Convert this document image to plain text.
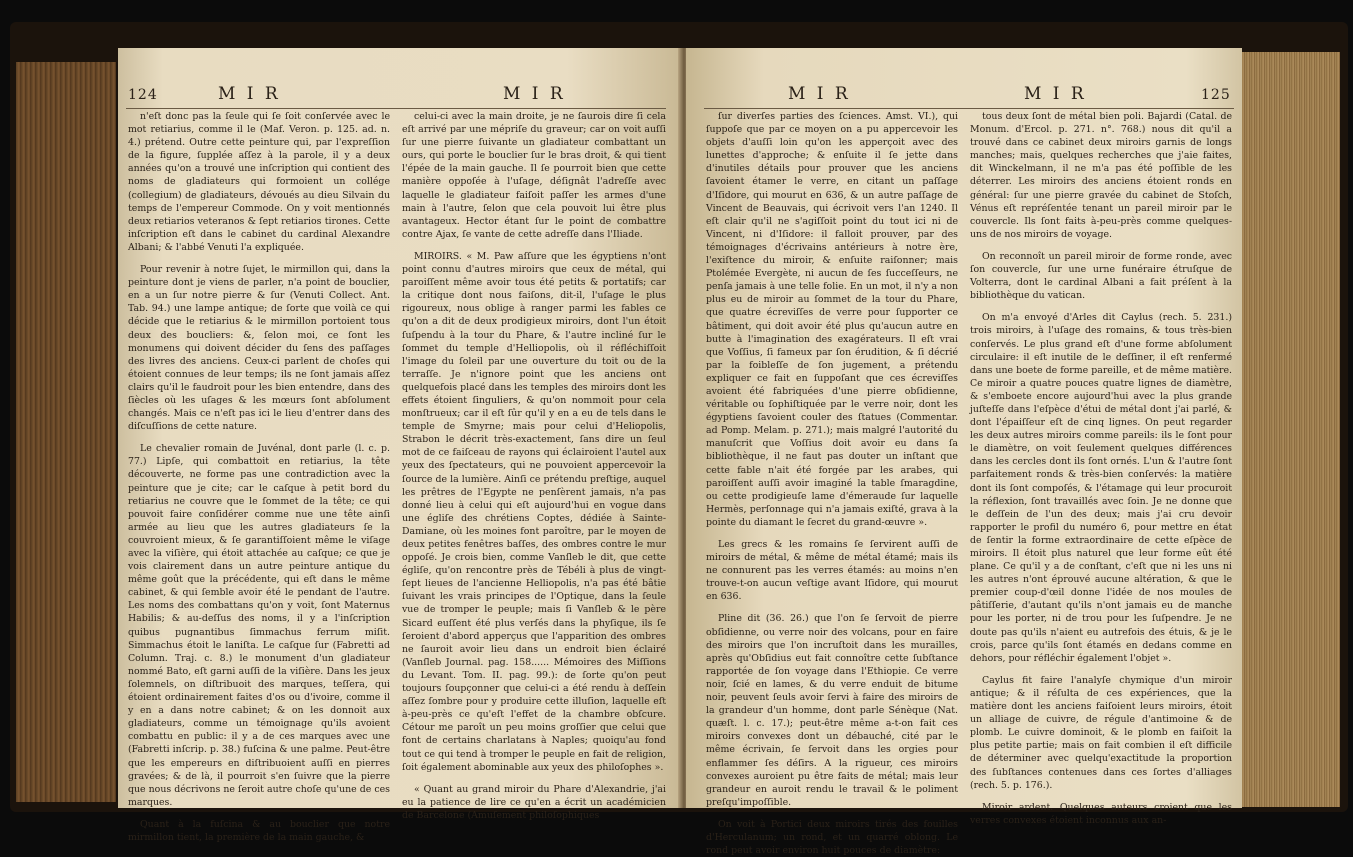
124	M I R	M I R

n'eſt donc pas la ſeule qui ſe ſoit conſervée avec le mot retiarius, comme il le (Maf. Veron. p. 125. ad. n. 4.) prétend. Outre cette peinture qui, par l'expreſſion de la figure, ſupplée aſſez à la parole, il y a deux années qu'on a trouvé une inſcription qui contient des noms de gladiateurs qui formoient un collége (collegium) de gladiateurs, dévoués au dieu Silvain du temps de l'empereur Commode. On y voit mentionnés deux retiarios veteranos & ſept retiarios tirones. Cette inſcription eſt dans le cabinet du cardinal Alexandre Albani; & l'abbé Venuti l'a expliquée.

Pour revenir à notre ſujet, le mirmillon qui, dans la peinture dont je viens de parler, n'a point de bouclier, en a un ſur notre pierre & ſur (Venuti Collect. Ant. Tab. 94.) une lampe antique; de ſorte que voilà ce qui décide que le retiarius & le mirmillon portoient tous deux des boucliers: &, ſelon moi, ce ſont les monumens qui doivent décider du ſens des paſſages des livres des anciens. Ceux-ci parlent de choſes qui étoient connues de leur temps; ils ne ſont jamais aſſez clairs qu'il le faudroit pour les bien entendre, dans des ſiècles où les uſages & les mœurs ſont abſolument changés. Mais ce n'eſt pas ici le lieu d'entrer dans des diſcuſſions de cette nature.

Le chevalier romain de Juvénal, dont parle (l. c. p. 77.) Lipſe, qui combattoit en retiarius, la tête découverte, ne forme pas une contradiction avec la peinture que je cite; car le caſque à petit bord du retiarius ne couvre que le ſommet de la tête; ce qui pouvoit faire conſidérer comme nue une tête ainſi armée au lieu que les autres gladiateurs ſe la couvroient mieux, & ſe garantiſſoient même le viſage avec la viſière, qui étoit attachée au caſque; ce que je vois clairement dans un autre peinture antique du même goût que la précédente, qui eſt dans le même cabinet, & qui ſemble avoir été le pendant de l'autre. Les noms des combattans qu'on y voit, ſont Maternus Habilis; & au-deſſus des noms, il y a l'inſcription quibus pugnantibus ſimmachus ferrum miſit. Simmachus étoit le laniſta. Le caſque ſur (Fabretti ad Column. Traj. c. 8.) le monument d'un gladiateur nommé Bato, eſt garni auſſi de la viſière. Dans les jeux ſolemnels, on diſtribuoit des marques, teſſera, qui étoient ordinairement faites d'os ou d'ivoire, comme il y en a dans notre cabinet; & on les donnoit aux gladiateurs, comme un témoignage qu'ils avoient combattu en public: il y a de ces marques avec une (Fabretti inſcrip. p. 38.) fuſcina & une palme. Peut-être que les empereurs en diſtribuoient auſſi en pierres gravées; & de là, il pourroit s'en ſuivre que la pierre que nous décrivons ne ſeroit autre choſe qu'une de ces marques.

Quant à la fuſcina & au bouclier que notre mirmillon tient, la première de la main gauche, &

celui-ci avec la main droite, je ne ſaurois dire ſi cela eſt arrivé par une mépriſe du graveur; car on voit auſſi ſur une pierre ſuivante un gladiateur combattant un ours, qui porte le bouclier ſur le bras droit, & qui tient l'épée de la main gauche. Il ſe pourroit bien que cette manière oppoſée à l'uſage, déſignât l'adreſſe avec laquelle le gladiateur faiſoit paſſer les armes d'une main à l'autre, ſelon que cela pouvoit lui être plus avantageux. Hector étant ſur le point de combattre contre Ajax, ſe vante de cette adreſſe dans l'Iliade.

MIROIRS. « M. Paw aſſure que les égyptiens n'ont point connu d'autres miroirs que ceux de métal, qui paroiſſent même avoir tous été petits & portatifs; car la critique dont nous faiſons, dit-il, l'uſage le plus rigoureux, nous oblige à ranger parmi les fables ce qu'on a dit de deux prodigieux miroirs, dont l'un étoit ſuſpendu à la tour du Phare, & l'autre incliné ſur le ſommet du temple d'Helliopolis, où il réfléchiſſoit l'image du ſoleil par une ouverture du toit ou de la terraſſe. Je n'ignore point que les anciens ont quelquefois placé dans les temples des miroirs dont les effets étoient ſinguliers, & qu'on nommoit pour cela monſtrueux; car il eſt ſûr qu'il y en a eu de tels dans le temple de Smyrne; mais pour celui d'Heliopolis, Strabon le décrit très-exactement, ſans dire un ſeul mot de ce faiſceau de rayons qui éclairoient l'autel aux yeux des ſpectateurs, qui ne pouvoient appercevoir la ſource de la lumière. Ainſi ce prétendu preſtige, auquel les prêtres de l'Egypte ne penſèrent jamais, n'a pas donné lieu à celui qui eſt aujourd'hui en vogue dans une égliſe des chrétiens Coptes, dédiée à Sainte-Damiane, où les moines font paroître, par le moyen de deux petites fenêtres baſſes, des ombres contre le mur oppoſé. Je crois bien, comme Vanſleb le dit, que cette égliſe, qu'on rencontre près de Tébéli à plus de vingt-ſept lieues de l'ancienne Helliopolis, n'a pas été bâtie ſuivant les vrais principes de l'Optique, dans la ſeule vue de tromper le peuple; mais ſi Vanſleb & le père Sicard euſſent été plus verſés dans la phyſique, ils ſe ſeroient d'abord apperçus que l'apparition des ombres ne ſauroit avoir lieu dans un endroit bien éclairé (Vanſleb Journal. pag. 158...... Mémoires des Miſſions du Levant. Tom. II. pag. 99.): de ſorte qu'on peut toujours ſoupçonner que celui-ci a été rendu à deſſein aſſez ſombre pour y produire cette illuſion, laquelle eſt à-peu-près ce qu'eſt l'effet de la chambre obſcure. Cétour me paroît un peu moins groſſier que celui que font de certains charlatans à Naples; quoiqu'au fond tout ce qui tend à tromper le peuple en fait de religion, ſoit également abominable aux yeux des philoſophes ».

« Quant au grand miroir du Phare d'Alexandrie, j'ai eu la patience de lire ce qu'en a écrit un académicien de Barcelone (Amuſement philoſophiques

M I R	M I R	125

ſur diverſes parties des ſciences. Amst. VI.), qui ſuppoſe que par ce moyen on a pu appercevoir les objets d'auſſi loin qu'on les apperçoit avec des lunettes d'approche; & enſuite il ſe jette dans d'inutiles détails pour prouver que les anciens ſavoient étamer le verre, en citant un paſſage d'Iſidore, qui mourut en 636, & un autre paſſage de Vincent de Beauvais, qui écrivoit vers l'an 1240. Il eſt clair qu'il ne s'agiſſoit point du tout ici ni de Vincent, ni d'Iſidore: il falloit prouver, par des témoignages d'écrivains antérieurs à notre ère, l'exiſtence du miroir, & enſuite raiſonner; mais Ptolémée Evergète, ni aucun de ſes ſucceſſeurs, ne penſa jamais à une telle folie. En un mot, il n'y a non plus eu de miroir au ſommet de la tour du Phare, que quatre écreviſſes de verre pour ſupporter ce bâtiment, qui doit avoir été plus qu'aucun autre en butte à l'imagination des exagérateurs. Il eſt vrai que Voſſius, ſi fameux par ſon érudition, & ſi décrié par la foibleſſe de ſon jugement, a prétendu expliquer ce fait en ſuppoſant que ces écreviſſes avoient été fabriquées d'une pierre obſidienne, véritable ou ſophiſtiquée par le verre noir, dont les égyptiens ſavoient couler des ſtatues (Commentar. ad Pomp. Melam. p. 271.); mais malgré l'autorité du manuſcrit que Voſſius doit avoir eu dans ſa bibliothèque, il ne faut pas douter un inſtant que cette fable n'ait été forgée par les arabes, qui paroiſſent auſſi avoir imaginé la table ſmaragdine, ou cette prodigieuſe lame d'émeraude ſur laquelle Hermès, perſonnage qui n'a jamais exiſté, grava à la pointe du diamant le ſecret du grand-œuvre ».

Les grecs & les romains ſe ſervirent auſſi de miroirs de métal, & même de métal étamé; mais ils ne connurent pas les verres étamés: au moins n'en trouve-t-on aucun veſtige avant Iſidore, qui mourut en 636.

Pline dit (36. 26.) que l'on ſe ſervoit de pierre obſidienne, ou verre noir des volcans, pour en faire des miroirs que l'on incruſtoit dans les murailles, après qu'Obſidius eut fait connoître cette ſubſtance rapportée de ſon voyage dans l'Ethiopie. Ce verre noir, ſcié en lames, & du verre enduit de bitume noir, peuvent ſeuls avoir ſervi à faire des miroirs de la grandeur d'un homme, dont parle Sénèque (Nat. quæſt. l. c. 17.); peut-être même a-t-on fait ces miroirs convexes dont un débauché, cité par le même écrivain, ſe ſervoit dans les orgies pour enflammer ſes déſirs. A la rigueur, ces miroirs convexes auroient pu être faits de métal; mais leur grandeur en auroit rendu le travail & le poliment preſqu'impoſſible.

On voit à Portici deux miroirs tirés des fouilles d'Herculanum; un rond, et un quarré oblong. Le rond peut avoir environ huit pouces de diamètre:

tous deux ſont de métal bien poli. Bajardi (Catal. de Monum. d'Ercol. p. 271. n°. 768.) nous dit qu'il a trouvé dans ce cabinet deux miroirs garnis de longs manches; mais, quelques recherches que j'aie faites, dit Winckelmann, il ne m'a pas été poſſible de les déterrer. Les miroirs des anciens étoient ronds en général: ſur une pierre gravée du cabinet de Stoſch, Vénus eſt repréſentée tenant un pareil miroir par le couvercle. Ils ſont faits à-peu-près comme quelques-uns de nos miroirs de voyage.

On reconnoît un pareil miroir de forme ronde, avec ſon couvercle, ſur une urne funéraire étruſque de Volterra, dont le cardinal Albani a fait préſent à la bibliothèque du vatican.

On m'a envoyé d'Arles dit Caylus (rech. 5. 231.) trois miroirs, à l'uſage des romains, & tous très-bien conſervés. Le plus grand eſt d'une forme abſolument circulaire: il eſt inutile de le deſſiner, il eſt renfermé dans une boete de forme pareille, et de même matière. Ce miroir a quatre pouces quatre lignes de diamètre, & s'emboete encore aujourd'hui avec la plus grande juſteſſe dans l'eſpèce d'étui de métal dont j'ai parlé, & dont l'épaiſſeur eſt de cinq lignes. On peut regarder les deux autres miroirs comme pareils: ils le ſont pour le diamètre, on voit ſeulement quelques différences dans les cercles dont ils ſont ornés. L'un & l'autre ſont parfaitement ronds & très-bien conſervés: la matière dont ils ſont compoſés, & l'étamage qui leur procuroit la réflexion, ſont travaillés avec ſoin. Je ne donne que le deſſein de l'un des deux; mais j'ai cru devoir rapporter le profil du numéro 6, pour mettre en état de ſentir la forme extraordinaire de cette eſpèce de miroirs. Il étoit plus naturel que leur forme eût été plane. Ce qu'il y a de conſtant, c'eſt que ni les uns ni les autres n'ont éprouvé aucune altération, & que le premier coup-d'œil donne l'idée de nos moules de pâtiſſerie, d'autant qu'ils n'ont jamais eu de manche pour les porter, ni de trou pour les ſuſpendre. Je ne doute pas qu'ils n'aient eu autrefois des étuis, & je le crois, parce qu'ils ſont étamés en dedans comme en dehors, pour réfléchir également l'objet ».

Caylus fit faire l'analyſe chymique d'un miroir antique; & il réſulta de ces expériences, que la matière dont les anciens faiſoient leurs miroirs, étoit un alliage de cuivre, de régule d'antimoine & de plomb. Le cuivre dominoit, & le plomb en faiſoit la plus petite partie; mais on fait combien il eſt difficile de déterminer avec quelqu'exactitude la proportion des ſubſtances contenues dans ces ſortes d'alliages (rech. 5. p. 176.).

Miroir ardent. Quelques auteurs croient que les verres convexes étoient inconnus aux an-
